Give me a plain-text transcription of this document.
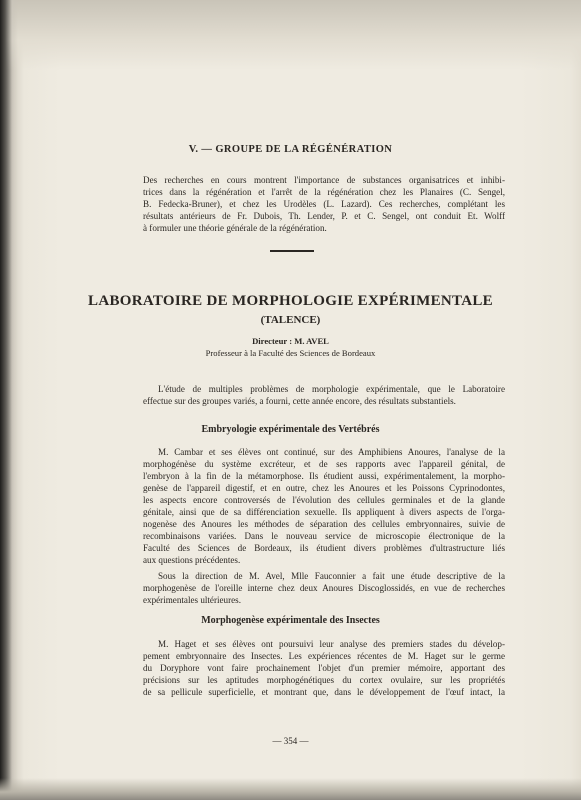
V. — GROUPE DE LA RÉGÉNÉRATION
Des recherches en cours montrent l'importance de substances organisatrices et inhibi-
trices dans la régénération et l'arrêt de la régénération chez les Planaires (C. Sengel,
B. Fedecka-Bruner), et chez les Urodèles (L. Lazard). Ces recherches, complétant les
résultats antérieurs de Fr. Dubois, Th. Lender, P. et C. Sengel, ont conduit Et. Wolff
à formuler une théorie générale de la régénération.
LABORATOIRE DE MORPHOLOGIE EXPÉRIMENTALE
(TALENCE)
Directeur : M. AVEL
Professeur à la Faculté des Sciences de Bordeaux
L'étude de multiples problèmes de morphologie expérimentale, que le Laboratoire
effectue sur des groupes variés, a fourni, cette année encore, des résultats substantiels.
Embryologie expérimentale des Vertébrés
M. Cambar et ses élèves ont continué, sur des Amphibiens Anoures, l'analyse de la
morphogénèse du système excréteur, et de ses rapports avec l'appareil génital, de
l'embryon à la fin de la métamorphose. Ils étudient aussi, expérimentalement, la morpho-
genèse de l'appareil digestif, et en outre, chez les Anoures et les Poissons Cyprinodontes,
les aspects encore controversés de l'évolution des cellules germinales et de la glande
génitale, ainsi que de sa différenciation sexuelle. Ils appliquent à divers aspects de l'orga-
nogenèse des Anoures les méthodes de séparation des cellules embryonnaires, suivie de
recombinaisons variées. Dans le nouveau service de microscopie électronique de la
Faculté des Sciences de Bordeaux, ils étudient divers problèmes d'ultrastructure liés
aux questions précédentes.
Sous la direction de M. Avel, Mlle Fauconnier a fait une étude descriptive de la
morphogenèse de l'oreille interne chez deux Anoures Discoglossidés, en vue de recherches
expérimentales ultérieures.
Morphogenèse expérimentale des Insectes
M. Haget et ses élèves ont poursuivi leur analyse des premiers stades du dévelop-
pement embryonnaire des Insectes. Les expériences récentes de M. Haget sur le germe
du Doryphore vont faire prochainement l'objet d'un premier mémoire, apportant des
précisions sur les aptitudes morphogénétiques du cortex ovulaire, sur les propriétés
de sa pellicule superficielle, et montrant que, dans le développement de l'œuf intact, la
— 354 —
